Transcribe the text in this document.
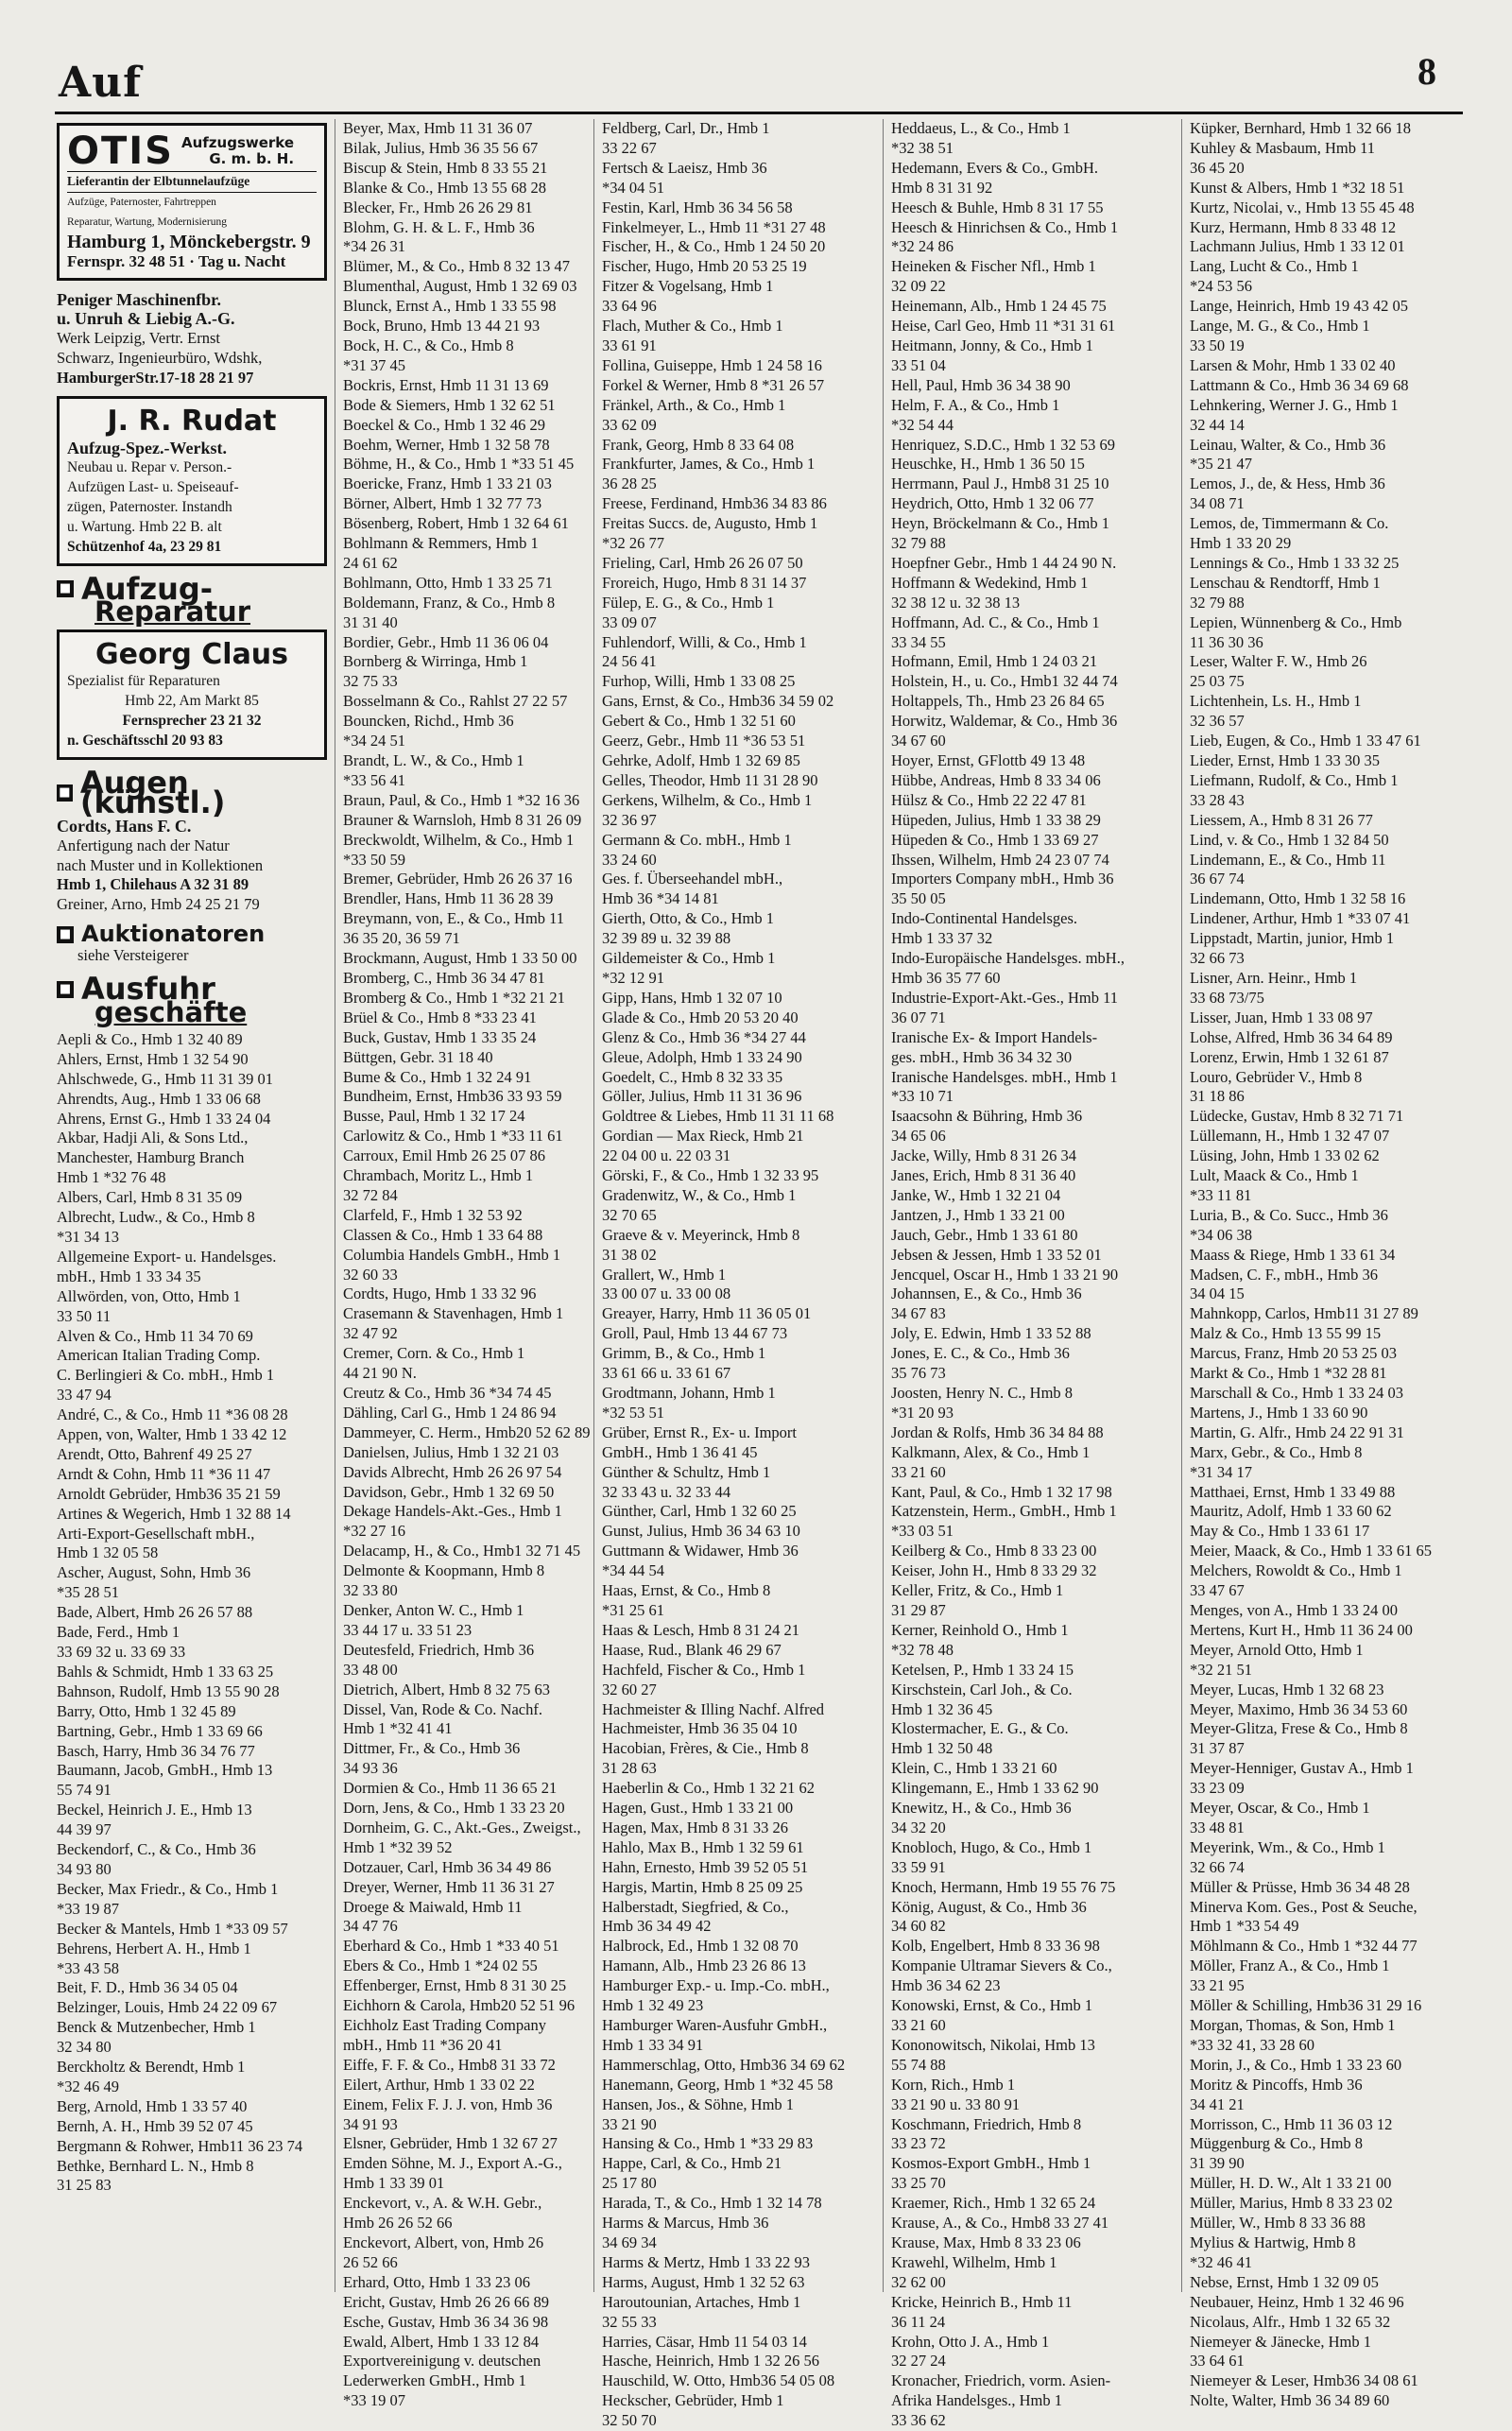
Auf	8
OTIS Aufzugswerke
G. m. b. H.
Lieferantin der Elbtunnelaufzüge
Aufzüge, Paternoster, Fahrtreppen
Reparatur, Wartung, Modernisierung
Hamburg 1, Mönckebergstr. 9
Fernspr. 32 48 51 · Tag u. Nacht
Peniger Maschinenfbr.
u. Unruh & Liebig A.-G.
Werk Leipzig, Vertr. Ernst
Schwarz, Ingenieurbüro, Wdshk,
HamburgerStr.17-18 28 21 97
J. R. Rudat
Aufzug-Spez.-Werkst.
Neubau u. Repar v. Person.-
Aufzügen Last- u. Speiseauf-
zügen, Paternoster. Instandh
u. Wartung. Hmb 22 B. alt
Schützenhof 4a, 23 29 81
■ Aufzug-
Reparatur
Georg Claus
Spezialist für Reparaturen
Hmb 22, Am Markt 85
Fernsprecher 23 21 32
n. Geschäftsschl 20 93 83
■ Augen (künstl.)
Cordts, Hans F. C.
Anfertigung nach der Natur
nach Muster und in Kollektionen
Hmb 1, Chilehaus A 32 31 89
Greiner, Arno, Hmb 24 25 21 79
■ Auktionatoren
siehe Versteigerer
■ Ausfuhr
geschäfte
Aepli & Co., Hmb 1 32 40 89
Ahlers, Ernst, Hmb 1 32 54 90
Ahlschwede, G., Hmb 11 31 39 01
Ahrendts, Aug., Hmb 1 33 06 68
Ahrens, Ernst G., Hmb 1 33 24 04
Akbar, Hadji Ali, & Sons Ltd.,
Manchester, Hamburg Branch
Hmb 1 *32 76 48
Albers, Carl, Hmb 8 31 35 09
Albrecht, Ludw., & Co., Hmb 8
*31 34 13
Allgemeine Export- u. Handelsges.
mbH., Hmb 1 33 34 35
Allwörden, von, Otto, Hmb 1
33 50 11
Alven & Co., Hmb 11 34 70 69
American Italian Trading Comp.
C. Berlingieri & Co. mbH., Hmb 1
33 47 94
André, C., & Co., Hmb 11 *36 08 28
Appen, von, Walter, Hmb 1 33 42 12
Arendt, Otto, Bahrenf 49 25 27
Arndt & Cohn, Hmb 11 *36 11 47
Arnoldt Gebrüder, Hmb36 35 21 59
Artines & Wegerich, Hmb 1 32 88 14
Arti-Export-Gesellschaft mbH.,
Hmb 1 32 05 58
Ascher, August, Sohn, Hmb 36
*35 28 51
Bade, Albert, Hmb 26 26 57 88
Bade, Ferd., Hmb 1
33 69 32 u. 33 69 33
Bahls & Schmidt, Hmb 1 33 63 25
Bahnson, Rudolf, Hmb 13 55 90 28
Barry, Otto, Hmb 1 32 45 89
Bartning, Gebr., Hmb 1 33 69 66
Basch, Harry, Hmb 36 34 76 77
Baumann, Jacob, GmbH., Hmb 13
55 74 91
Beckel, Heinrich J. E., Hmb 13
44 39 97
Beckendorf, C., & Co., Hmb 36
34 93 80
Becker, Max Friedr., & Co., Hmb 1
*33 19 87
Becker & Mantels, Hmb 1 *33 09 57
Behrens, Herbert A. H., Hmb 1
*33 43 58
Beit, F. D., Hmb 36 34 05 04
Belzinger, Louis, Hmb 24 22 09 67
Benck & Mutzenbecher, Hmb 1
32 34 80
Berckholtz & Berendt, Hmb 1
*32 46 49
Berg, Arnold, Hmb 1 33 57 40
Bernh, A. H., Hmb 39 52 07 45
Bergmann & Rohwer, Hmb11 36 23 74
Bethke, Bernhard L. N., Hmb 8
31 25 83
Beyer, Max, Hmb 11 31 36 07
Bilak, Julius, Hmb 36 35 56 67
Biscup & Stein, Hmb 8 33 55 21
Blanke & Co., Hmb 13 55 68 28
Blecker, Fr., Hmb 26 26 29 81
Blohm, G. H. & L. F., Hmb 36
*34 26 31
Blümer, M., & Co., Hmb 8 32 13 47
Blumenthal, August, Hmb 1 32 69 03
Blunck, Ernst A., Hmb 1 33 55 98
Bock, Bruno, Hmb 13 44 21 93
Bock, H. C., & Co., Hmb 8
*31 37 45
Bockris, Ernst, Hmb 11 31 13 69
Bode & Siemers, Hmb 1 32 62 51
Boeckel & Co., Hmb 1 32 46 29
Boehm, Werner, Hmb 1 32 58 78
Böhme, H., & Co., Hmb 1 *33 51 45
Boericke, Franz, Hmb 1 33 21 03
Börner, Albert, Hmb 1 32 77 73
Bösenberg, Robert, Hmb 1 32 64 61
Bohlmann & Remmers, Hmb 1
24 61 62
Bohlmann, Otto, Hmb 1 33 25 71
Boldemann, Franz, & Co., Hmb 8
31 31 40
Bordier, Gebr., Hmb 11 36 06 04
Bornberg & Wirringa, Hmb 1
32 75 33
Bosselmann & Co., Rahlst 27 22 57
Bouncken, Richd., Hmb 36
*34 24 51
Brandt, L. W., & Co., Hmb 1
*33 56 41
Braun, Paul, & Co., Hmb 1 *32 16 36
Brauner & Warnsloh, Hmb 8 31 26 09
Breckwoldt, Wilhelm, & Co., Hmb 1
*33 50 59
Bremer, Gebrüder, Hmb 26 26 37 16
Brendler, Hans, Hmb 11 36 28 39
Breymann, von, E., & Co., Hmb 11
36 35 20, 36 59 71
Brockmann, August, Hmb 1 33 50 00
Bromberg, C., Hmb 36 34 47 81
Bromberg & Co., Hmb 1 *32 21 21
Brüel & Co., Hmb 8 *33 23 41
Buck, Gustav, Hmb 1 33 35 24
Büttgen, Gebr. 31 18 40
Bume & Co., Hmb 1 32 24 91
Bundheim, Ernst, Hmb36 33 93 59
Busse, Paul, Hmb 1 32 17 24
Carlowitz & Co., Hmb 1 *33 11 61
Carroux, Emil Hmb 26 25 07 86
Chrambach, Moritz L., Hmb 1
32 72 84
Clarfeld, F., Hmb 1 32 53 92
Classen & Co., Hmb 1 33 64 88
Columbia Handels GmbH., Hmb 1
32 60 33
Cordts, Hugo, Hmb 1 33 32 96
Crasemann & Stavenhagen, Hmb 1
32 47 92
Cremer, Corn. & Co., Hmb 1
44 21 90 N.
Creutz & Co., Hmb 36 *34 74 45
Dähling, Carl G., Hmb 1 24 86 94
Dammeyer, C. Herm., Hmb20 52 62 89
Danielsen, Julius, Hmb 1 32 21 03
Davids Albrecht, Hmb 26 26 97 54
Davidson, Gebr., Hmb 1 32 69 50
Dekage Handels-Akt.-Ges., Hmb 1
*32 27 16
Delacamp, H., & Co., Hmb1 32 71 45
Delmonte & Koopmann, Hmb 8
32 33 80
Denker, Anton W. C., Hmb 1
33 44 17 u. 33 51 23
Deutesfeld, Friedrich, Hmb 36
33 48 00
Dietrich, Albert, Hmb 8 32 75 63
Dissel, Van, Rode & Co. Nachf.
Hmb 1 *32 41 41
Dittmer, Fr., & Co., Hmb 36
34 93 36
Dormien & Co., Hmb 11 36 65 21
Dorn, Jens, & Co., Hmb 1 33 23 20
Dornheim, G. C., Akt.-Ges., Zweigst.,
Hmb 1 *32 39 52
Dotzauer, Carl, Hmb 36 34 49 86
Dreyer, Werner, Hmb 11 36 31 27
Droege & Maiwald, Hmb 11
34 47 76
Eberhard & Co., Hmb 1 *33 40 51
Ebers & Co., Hmb 1 *24 02 55
Effenberger, Ernst, Hmb 8 31 30 25
Eichhorn & Carola, Hmb20 52 51 96
Eichholz East Trading Company
mbH., Hmb 11 *36 20 41
Eiffe, F. F. & Co., Hmb8 31 33 72
Eilert, Arthur, Hmb 1 33 02 22
Einem, Felix F. J. J. von, Hmb 36
34 91 93
Elsner, Gebrüder, Hmb 1 32 67 27
Emden Söhne, M. J., Export A.-G.,
Hmb 1 33 39 01
Enckevort, v., A. & W.H. Gebr.,
Hmb 26 26 52 66
Enckevort, Albert, von, Hmb 26
26 52 66
Erhard, Otto, Hmb 1 33 23 06
Ericht, Gustav, Hmb 26 26 66 89
Esche, Gustav, Hmb 36 34 36 98
Ewald, Albert, Hmb 1 33 12 84
Exportvereinigung v. deutschen
Lederwerken GmbH., Hmb 1
*33 19 07
Feldberg, Carl, Dr., Hmb 1
33 22 67
Fertsch & Laeisz, Hmb 36
*34 04 51
Festin, Karl, Hmb 36 34 56 58
Finkelmeyer, L., Hmb 11 *31 27 48
Fischer, H., & Co., Hmb 1 24 50 20
Fischer, Hugo, Hmb 20 53 25 19
Fitzer & Vogelsang, Hmb 1
33 64 96
Flach, Muther & Co., Hmb 1
33 61 91
Follina, Guiseppe, Hmb 1 24 58 16
Forkel & Werner, Hmb 8 *31 26 57
Fränkel, Arth., & Co., Hmb 1
33 62 09
Frank, Georg, Hmb 8 33 64 08
Frankfurter, James, & Co., Hmb 1
36 28 25
Freese, Ferdinand, Hmb36 34 83 86
Freitas Succs. de, Augusto, Hmb 1
*32 26 77
Frieling, Carl, Hmb 26 26 07 50
Froreich, Hugo, Hmb 8 31 14 37
Fülep, E. G., & Co., Hmb 1
33 09 07
Fuhlendorf, Willi, & Co., Hmb 1
24 56 41
Furhop, Willi, Hmb 1 33 08 25
Gans, Ernst, & Co., Hmb36 34 59 02
Gebert & Co., Hmb 1 32 51 60
Geerz, Gebr., Hmb 11 *36 53 51
Gehrke, Adolf, Hmb 1 32 69 85
Gelles, Theodor, Hmb 11 31 28 90
Gerkens, Wilhelm, & Co., Hmb 1
32 36 97
Germann & Co. mbH., Hmb 1
33 24 60
Ges. f. Überseehandel mbH.,
Hmb 36 *34 14 81
Gierth, Otto, & Co., Hmb 1
32 39 89 u. 32 39 88
Gildemeister & Co., Hmb 1
*32 12 91
Gipp, Hans, Hmb 1 32 07 10
Glade & Co., Hmb 20 53 20 40
Glenz & Co., Hmb 36 *34 27 44
Gleue, Adolph, Hmb 1 33 24 90
Goedelt, C., Hmb 8 32 33 35
Göller, Julius, Hmb 11 31 36 96
Goldtree & Liebes, Hmb 11 31 11 68
Gordian — Max Rieck, Hmb 21
22 04 00 u. 22 03 31
Görski, F., & Co., Hmb 1 32 33 95
Gradenwitz, W., & Co., Hmb 1
32 70 65
Graeve & v. Meyerinck, Hmb 8
31 38 02
Grallert, W., Hmb 1
33 00 07 u. 33 00 08
Greayer, Harry, Hmb 11 36 05 01
Groll, Paul, Hmb 13 44 67 73
Grimm, B., & Co., Hmb 1
33 61 66 u. 33 61 67
Grodtmann, Johann, Hmb 1
*32 53 51
Grüber, Ernst R., Ex- u. Import
GmbH., Hmb 1 36 41 45
Günther & Schultz, Hmb 1
32 33 43 u. 32 33 44
Günther, Carl, Hmb 1 32 60 25
Gunst, Julius, Hmb 36 34 63 10
Guttmann & Widawer, Hmb 36
*34 44 54
Haas, Ernst, & Co., Hmb 8
*31 25 61
Haas & Lesch, Hmb 8 31 24 21
Haase, Rud., Blank 46 29 67
Hachfeld, Fischer & Co., Hmb 1
32 60 27
Hachmeister & Illing Nachf. Alfred
Hachmeister, Hmb 36 35 04 10
Hacobian, Frères, & Cie., Hmb 8
31 28 63
Haeberlin & Co., Hmb 1 32 21 62
Hagen, Gust., Hmb 1 33 21 00
Hagen, Max, Hmb 8 31 33 26
Hahlo, Max B., Hmb 1 32 59 61
Hahn, Ernesto, Hmb 39 52 05 51
Hargis, Martin, Hmb 8 25 09 25
Halberstadt, Siegfried, & Co.,
Hmb 36 34 49 42
Halbrock, Ed., Hmb 1 32 08 70
Hamann, Alb., Hmb 23 26 86 13
Hamburger Exp.- u. Imp.-Co. mbH.,
Hmb 1 32 49 23
Hamburger Waren-Ausfuhr GmbH.,
Hmb 1 33 34 91
Hammerschlag, Otto, Hmb36 34 69 62
Hanemann, Georg, Hmb 1 *32 45 58
Hansen, Jos., & Söhne, Hmb 1
33 21 90
Hansing & Co., Hmb 1 *33 29 83
Happe, Carl, & Co., Hmb 21
25 17 80
Harada, T., & Co., Hmb 1 32 14 78
Harms & Marcus, Hmb 36
34 69 34
Harms & Mertz, Hmb 1 33 22 93
Harms, August, Hmb 1 32 52 63
Haroutounian, Artaches, Hmb 1
32 55 33
Harries, Cäsar, Hmb 11 54 03 14
Hasche, Heinrich, Hmb 1 32 26 56
Hauschild, W. Otto, Hmb36 54 05 08
Heckscher, Gebrüder, Hmb 1
32 50 70
Heddaeus, L., & Co., Hmb 1
*32 38 51
Hedemann, Evers & Co., GmbH.
Hmb 8 31 31 92
Heesch & Buhle, Hmb 8 31 17 55
Heesch & Hinrichsen & Co., Hmb 1
*32 24 86
Heineken & Fischer Nfl., Hmb 1
32 09 22
Heinemann, Alb., Hmb 1 24 45 75
Heise, Carl Geo, Hmb 11 *31 31 61
Heitmann, Jonny, & Co., Hmb 1
33 51 04
Hell, Paul, Hmb 36 34 38 90
Helm, F. A., & Co., Hmb 1
*32 54 44
Henriquez, S.D.C., Hmb 1 32 53 69
Heuschke, H., Hmb 1 36 50 15
Herrmann, Paul J., Hmb8 31 25 10
Heydrich, Otto, Hmb 1 32 06 77
Heyn, Bröckelmann & Co., Hmb 1
32 79 88
Hoepfner Gebr., Hmb 1 44 24 90 N.
Hoffmann & Wedekind, Hmb 1
32 38 12 u. 32 38 13
Hoffmann, Ad. C., & Co., Hmb 1
33 34 55
Hofmann, Emil, Hmb 1 24 03 21
Holstein, H., u. Co., Hmb1 32 44 74
Holtappels, Th., Hmb 23 26 84 65
Horwitz, Waldemar, & Co., Hmb 36
34 67 60
Hoyer, Ernst, GFlottb 49 13 48
Hübbe, Andreas, Hmb 8 33 34 06
Hülsz & Co., Hmb 22 22 47 81
Hüpeden, Julius, Hmb 1 33 38 29
Hüpeden & Co., Hmb 1 33 69 27
Ihssen, Wilhelm, Hmb 24 23 07 74
Importers Company mbH., Hmb 36
35 50 05
Indo-Continental Handelsges.
Hmb 1 33 37 32
Indo-Europäische Handelsges. mbH.,
Hmb 36 35 77 60
Industrie-Export-Akt.-Ges., Hmb 11
36 07 71
Iranische Ex- & Import Handels-
ges. mbH., Hmb 36 34 32 30
Iranische Handelsges. mbH., Hmb 1
*33 10 71
Isaacsohn & Bühring, Hmb 36
34 65 06
Jacke, Willy, Hmb 8 31 26 34
Janes, Erich, Hmb 8 31 36 40
Janke, W., Hmb 1 32 21 04
Jantzen, J., Hmb 1 33 21 00
Jauch, Gebr., Hmb 1 33 61 80
Jebsen & Jessen, Hmb 1 33 52 01
Jencquel, Oscar H., Hmb 1 33 21 90
Johannsen, E., & Co., Hmb 36
34 67 83
Joly, E. Edwin, Hmb 1 33 52 88
Jones, E. C., & Co., Hmb 36
35 76 73
Joosten, Henry N. C., Hmb 8
*31 20 93
Jordan & Rolfs, Hmb 36 34 84 88
Kalkmann, Alex, & Co., Hmb 1
33 21 60
Kant, Paul, & Co., Hmb 1 32 17 98
Katzenstein, Herm., GmbH., Hmb 1
*33 03 51
Keilberg & Co., Hmb 8 33 23 00
Keiser, John H., Hmb 8 33 29 32
Keller, Fritz, & Co., Hmb 1
31 29 87
Kerner, Reinhold O., Hmb 1
*32 78 48
Ketelsen, P., Hmb 1 33 24 15
Kirschstein, Carl Joh., & Co.
Hmb 1 32 36 45
Klostermacher, E. G., & Co.
Hmb 1 32 50 48
Klein, C., Hmb 1 33 21 60
Klingemann, E., Hmb 1 33 62 90
Knewitz, H., & Co., Hmb 36
34 32 20
Knobloch, Hugo, & Co., Hmb 1
33 59 91
Knoch, Hermann, Hmb 19 55 76 75
König, August, & Co., Hmb 36
34 60 82
Kolb, Engelbert, Hmb 8 33 36 98
Kompanie Ultramar Sievers & Co.,
Hmb 36 34 62 23
Konowski, Ernst, & Co., Hmb 1
33 21 60
Kononowitsch, Nikolai, Hmb 13
55 74 88
Korn, Rich., Hmb 1
33 21 90 u. 33 80 91
Koschmann, Friedrich, Hmb 8
33 23 72
Kosmos-Export GmbH., Hmb 1
33 25 70
Kraemer, Rich., Hmb 1 32 65 24
Krause, A., & Co., Hmb8 33 27 41
Krause, Max, Hmb 8 33 23 06
Krawehl, Wilhelm, Hmb 1
32 62 00
Kricke, Heinrich B., Hmb 11
36 11 24
Krohn, Otto J. A., Hmb 1
32 27 24
Kronacher, Friedrich, vorm. Asien-
Afrika Handelsges., Hmb 1
33 36 62
Küpker, Bernhard, Hmb 1 32 66 18
Kuhley & Masbaum, Hmb 11
36 45 20
Kunst & Albers, Hmb 1 *32 18 51
Kurtz, Nicolai, v., Hmb 13 55 45 48
Kurz, Hermann, Hmb 8 33 48 12
Lachmann Julius, Hmb 1 33 12 01
Lang, Lucht & Co., Hmb 1
*24 53 56
Lange, Heinrich, Hmb 19 43 42 05
Lange, M. G., & Co., Hmb 1
33 50 19
Larsen & Mohr, Hmb 1 33 02 40
Lattmann & Co., Hmb 36 34 69 68
Lehnkering, Werner J. G., Hmb 1
32 44 14
Leinau, Walter, & Co., Hmb 36
*35 21 47
Lemos, J., de, & Hess, Hmb 36
34 08 71
Lemos, de, Timmermann & Co.
Hmb 1 33 20 29
Lennings & Co., Hmb 1 33 32 25
Lenschau & Rendtorff, Hmb 1
32 79 88
Lepien, Wünnenberg & Co., Hmb
11 36 30 36
Leser, Walter F. W., Hmb 26
25 03 75
Lichtenhein, Ls. H., Hmb 1
32 36 57
Lieb, Eugen, & Co., Hmb 1 33 47 61
Lieder, Ernst, Hmb 1 33 30 35
Liefmann, Rudolf, & Co., Hmb 1
33 28 43
Liessem, A., Hmb 8 31 26 77
Lind, v. & Co., Hmb 1 32 84 50
Lindemann, E., & Co., Hmb 11
36 67 74
Lindemann, Otto, Hmb 1 32 58 16
Lindener, Arthur, Hmb 1 *33 07 41
Lippstadt, Martin, junior, Hmb 1
32 66 73
Lisner, Arn. Heinr., Hmb 1
33 68 73/75
Lisser, Juan, Hmb 1 33 08 97
Lohse, Alfred, Hmb 36 34 64 89
Lorenz, Erwin, Hmb 1 32 61 87
Louro, Gebrüder V., Hmb 8
31 18 86
Lüdecke, Gustav, Hmb 8 32 71 71
Lüllemann, H., Hmb 1 32 47 07
Lüsing, John, Hmb 1 33 02 62
Lult, Maack & Co., Hmb 1
*33 11 81
Luria, B., & Co. Succ., Hmb 36
*34 06 38
Maass & Riege, Hmb 1 33 61 34
Madsen, C. F., mbH., Hmb 36
34 04 15
Mahnkopp, Carlos, Hmb11 31 27 89
Malz & Co., Hmb 13 55 99 15
Marcus, Franz, Hmb 20 53 25 03
Markt & Co., Hmb 1 *32 28 81
Marschall & Co., Hmb 1 33 24 03
Martens, J., Hmb 1 33 60 90
Martin, G. Alfr., Hmb 24 22 91 31
Marx, Gebr., & Co., Hmb 8
*31 34 17
Matthaei, Ernst, Hmb 1 33 49 88
Mauritz, Adolf, Hmb 1 33 60 62
May & Co., Hmb 1 33 61 17
Meier, Maack, & Co., Hmb 1 33 61 65
Melchers, Rowoldt & Co., Hmb 1
33 47 67
Menges, von A., Hmb 1 33 24 00
Mertens, Kurt H., Hmb 11 36 24 00
Meyer, Arnold Otto, Hmb 1
*32 21 51
Meyer, Lucas, Hmb 1 32 68 23
Meyer, Maximo, Hmb 36 34 53 60
Meyer-Glitza, Frese & Co., Hmb 8
31 37 87
Meyer-Henniger, Gustav A., Hmb 1
33 23 09
Meyer, Oscar, & Co., Hmb 1
33 48 81
Meyerink, Wm., & Co., Hmb 1
32 66 74
Müller & Prüsse, Hmb 36 34 48 28
Minerva Kom. Ges., Post & Seuche,
Hmb 1 *33 54 49
Möhlmann & Co., Hmb 1 *32 44 77
Möller, Franz A., & Co., Hmb 1
33 21 95
Möller & Schilling, Hmb36 31 29 16
Morgan, Thomas, & Son, Hmb 1
*33 32 41, 33 28 60
Morin, J., & Co., Hmb 1 33 23 60
Moritz & Pincoffs, Hmb 36
34 41 21
Morrisson, C., Hmb 11 36 03 12
Müggenburg & Co., Hmb 8
31 39 90
Müller, H. D. W., Alt 1 33 21 00
Müller, Marius, Hmb 8 33 23 02
Müller, W., Hmb 8 33 36 88
Mylius & Hartwig, Hmb 8
*32 46 41
Nebse, Ernst, Hmb 1 32 09 05
Neubauer, Heinz, Hmb 1 32 46 96
Nicolaus, Alfr., Hmb 1 32 65 32
Niemeyer & Jänecke, Hmb 1
33 64 61
Niemeyer & Leser, Hmb36 34 08 61
Nolte, Walter, Hmb 36 34 89 60
